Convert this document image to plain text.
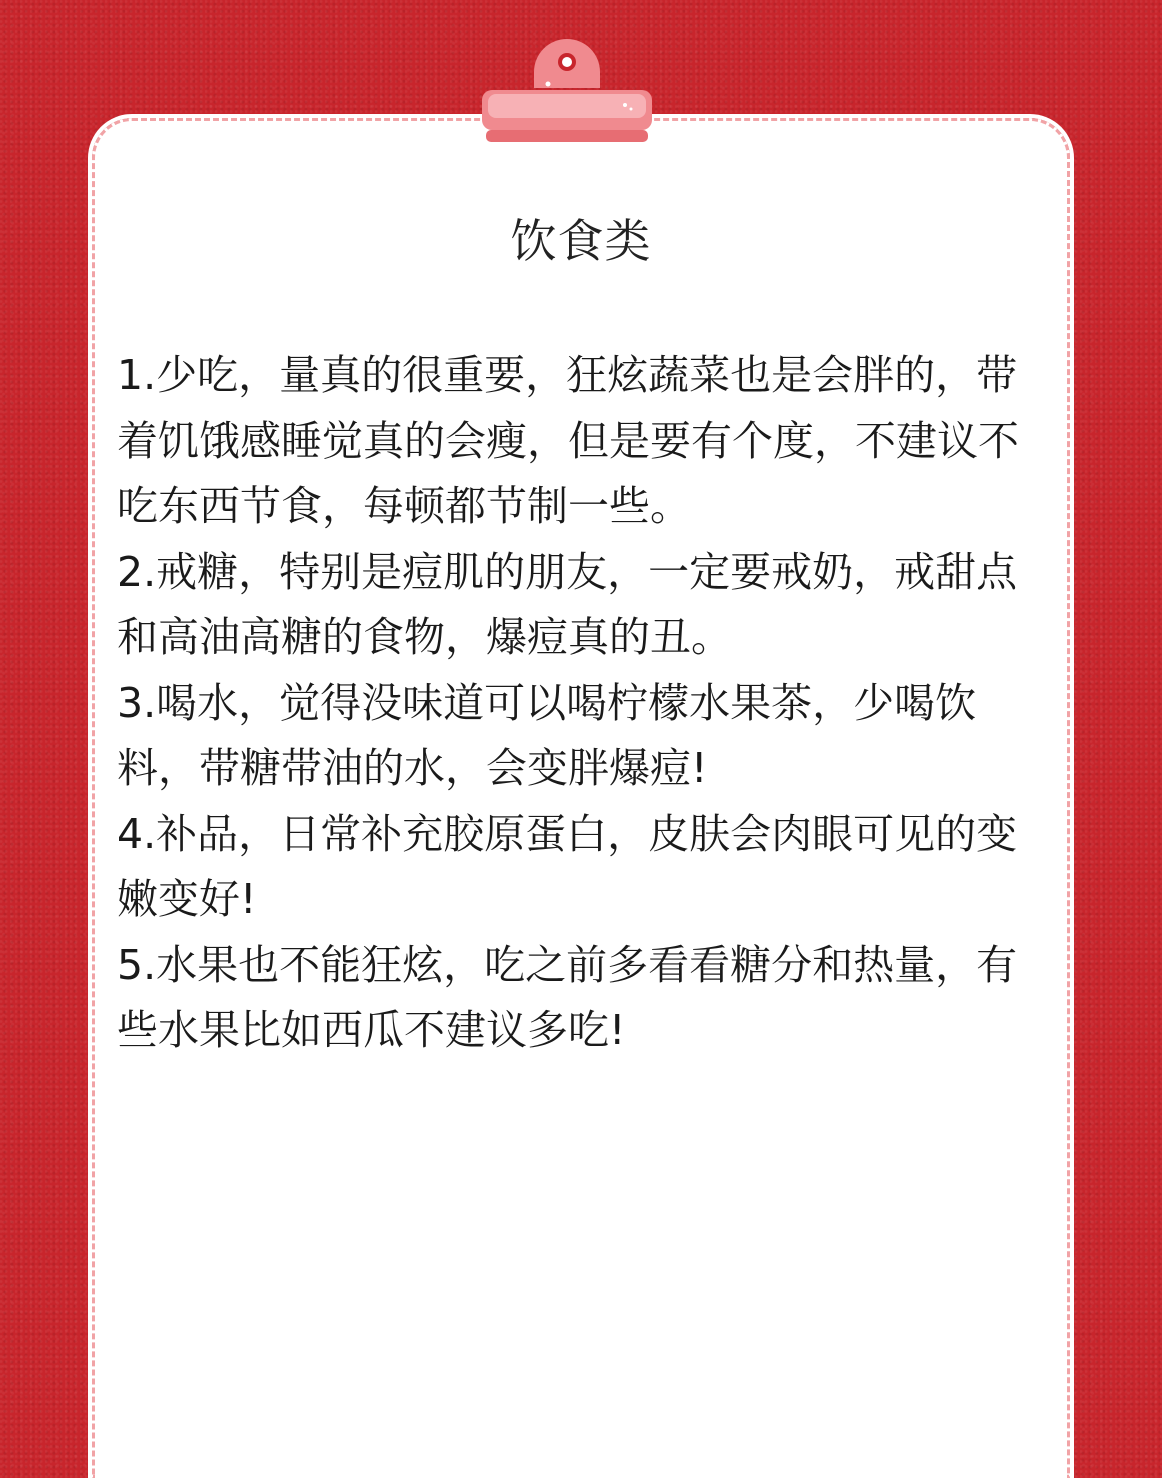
饮食类

1.少吃，量真的很重要，狂炫蔬菜也是会胖的，带着饥饿感睡觉真的会瘦，但是要有个度，不建议不吃东西节食，每顿都节制一些。

2.戒糖，特别是痘肌的朋友，一定要戒奶，戒甜点和高油高糖的食物，爆痘真的丑。

3.喝水，觉得没味道可以喝柠檬水果茶，少喝饮料，带糖带油的水，会变胖爆痘!

4.补品，日常补充胶原蛋白，皮肤会肉眼可见的变嫩变好!

5.水果也不能狂炫，吃之前多看看糖分和热量，有些水果比如西瓜不建议多吃!
